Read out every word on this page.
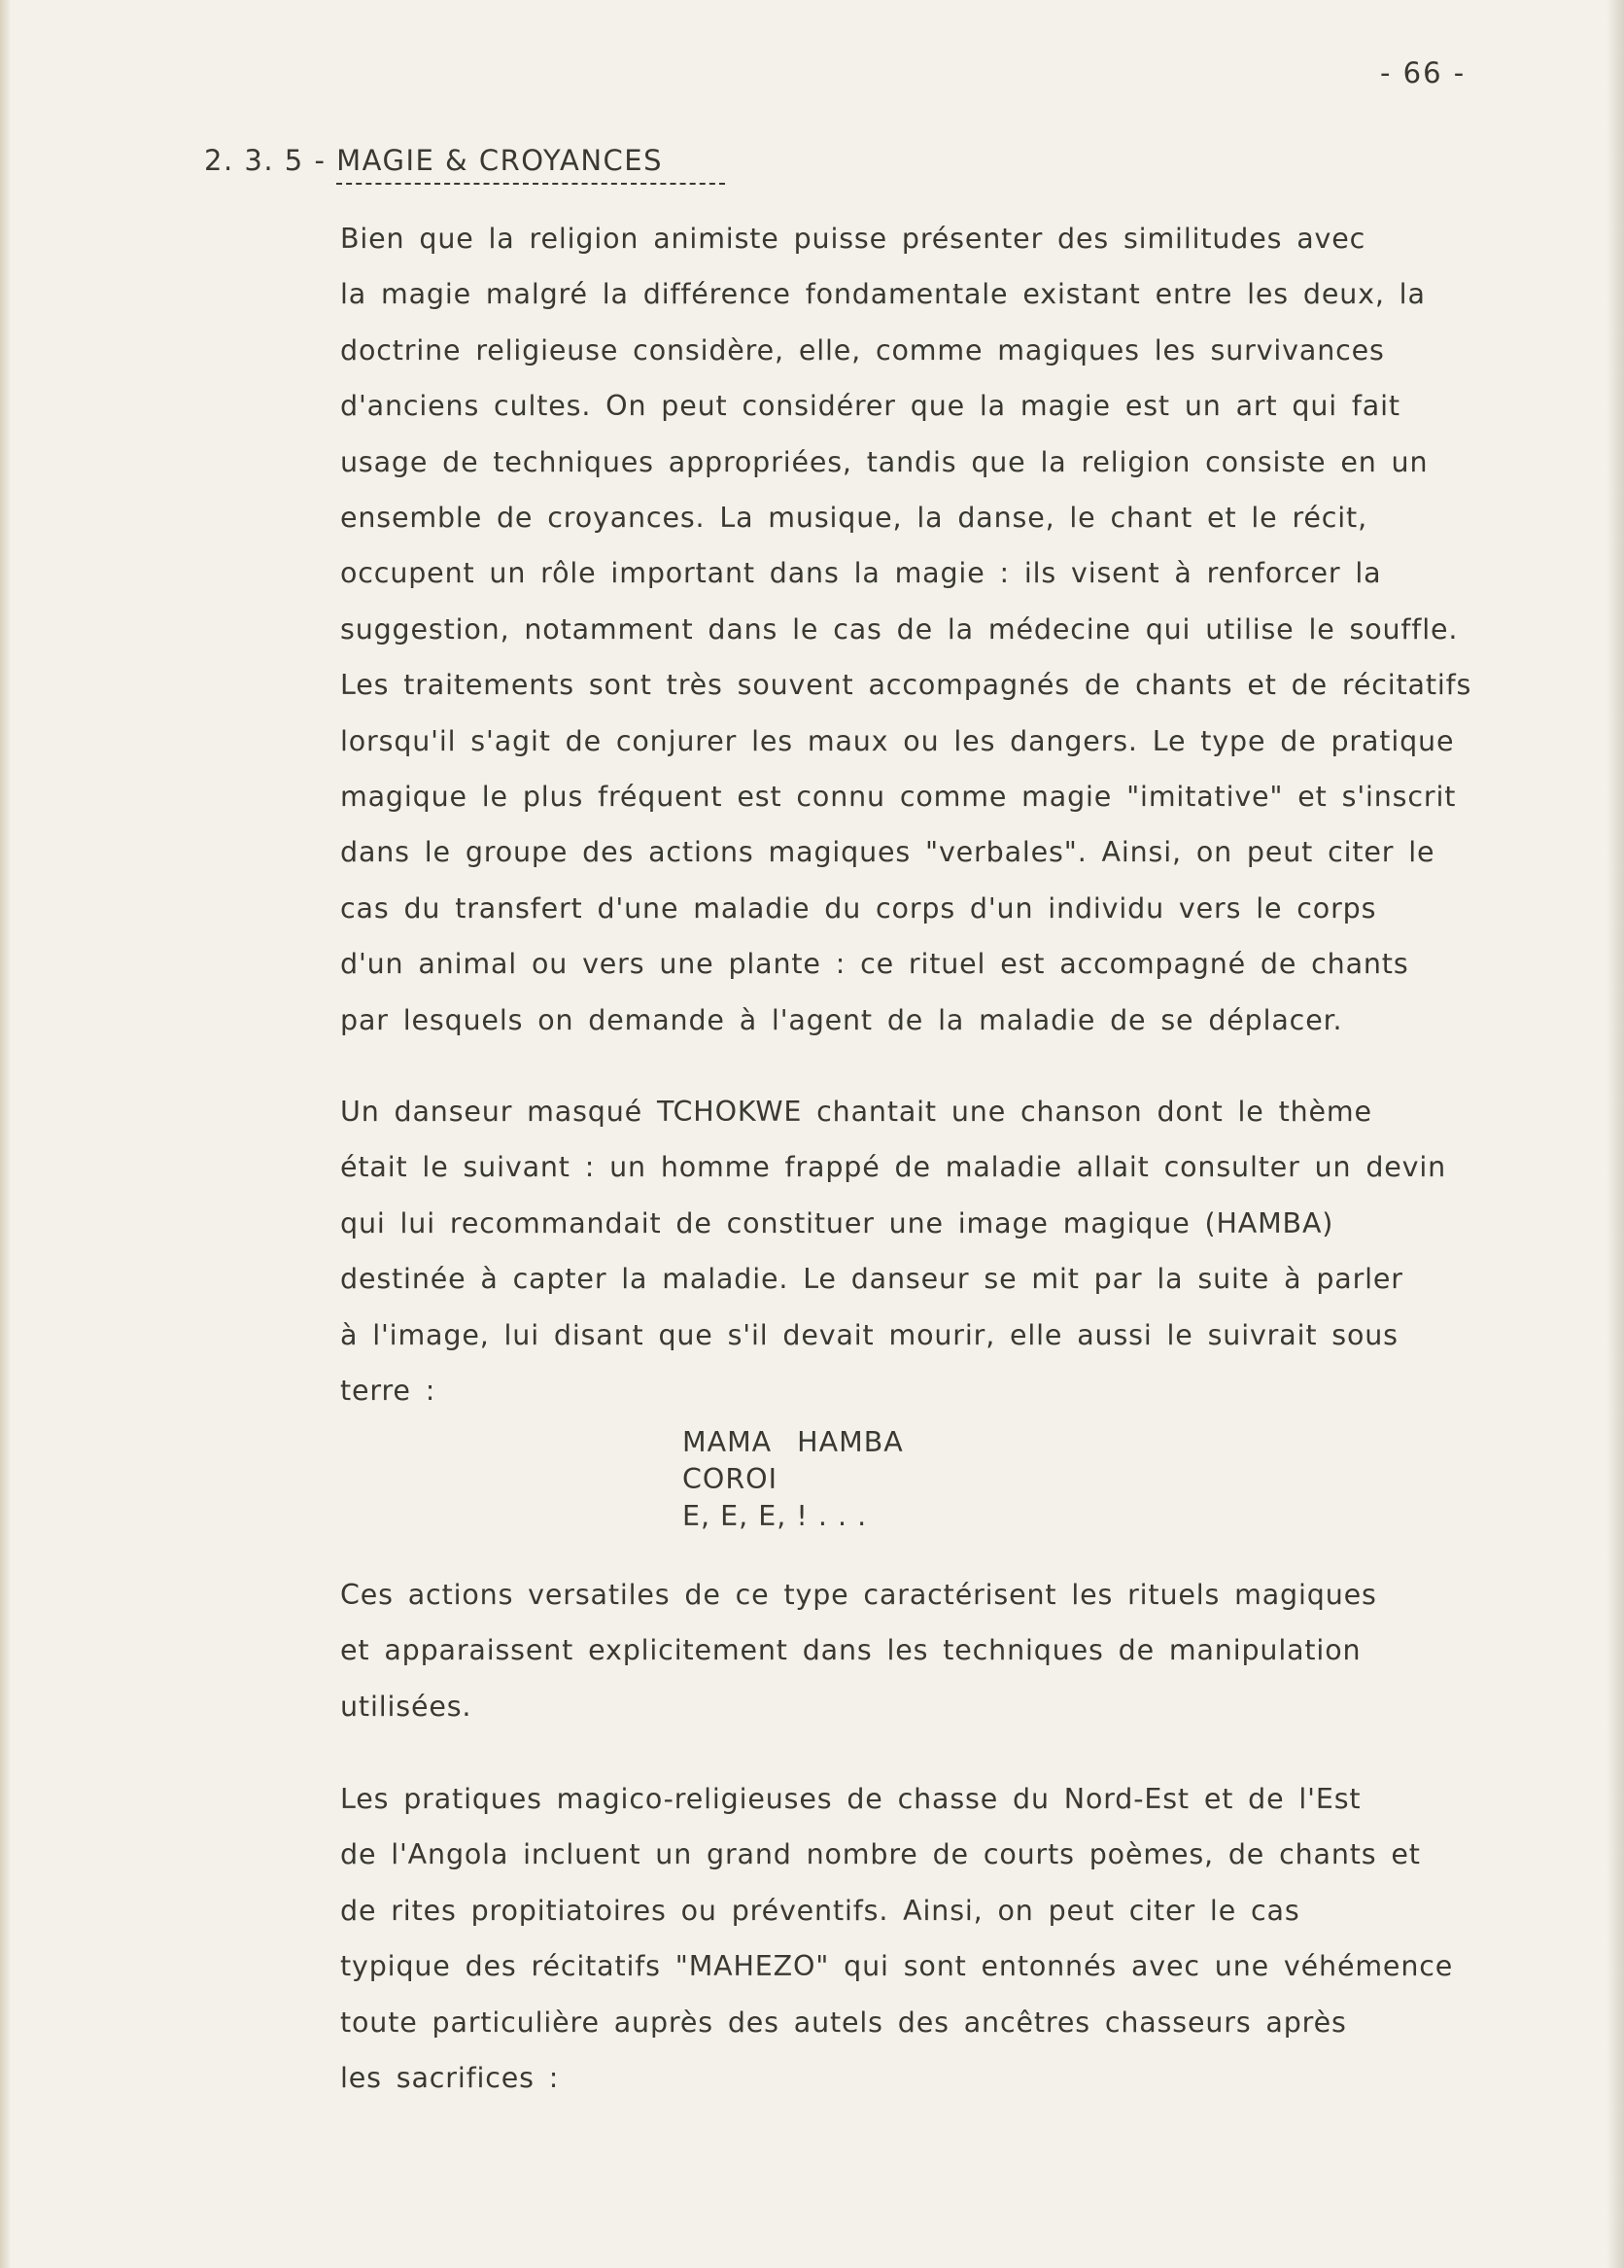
- 66 -
2. 3. 5 - MAGIE & CROYANCES

Bien que la religion animiste puisse présenter des similitudes avec
la magie malgré la différence fondamentale existant entre les deux, la
doctrine religieuse considère, elle, comme magiques les survivances
d'anciens cultes. On peut considérer que la magie est un art qui fait
usage de techniques appropriées, tandis que la religion consiste en un
ensemble de croyances. La musique, la danse, le chant et le récit,
occupent un rôle important dans la magie : ils visent à renforcer la
suggestion, notamment dans le cas de la médecine qui utilise le souffle.
Les traitements sont très souvent accompagnés de chants et de récitatifs
lorsqu'il s'agit de conjurer les maux ou les dangers. Le type de pratique
magique le plus fréquent est connu comme magie "imitative" et s'inscrit
dans le groupe des actions magiques "verbales". Ainsi, on peut citer le
cas du transfert d'une maladie du corps d'un individu vers le corps
d'un animal ou vers une plante : ce rituel est accompagné de chants
par lesquels on demande à l'agent de la maladie de se déplacer.

Un danseur masqué TCHOKWE chantait une chanson dont le thème
était le suivant : un homme frappé de maladie allait consulter un devin
qui lui recommandait de constituer une image magique (HAMBA)
destinée à capter la maladie. Le danseur se mit par la suite à parler
à l'image, lui disant que s'il devait mourir, elle aussi le suivrait sous
terre :

MAMA HAMBA
COROI
E, E, E, ! . . .

Ces actions versatiles de ce type caractérisent les rituels magiques
et apparaissent explicitement dans les techniques de manipulation
utilisées.

Les pratiques magico-religieuses de chasse du Nord-Est et de l'Est
de l'Angola incluent un grand nombre de courts poèmes, de chants et
de rites propitiatoires ou préventifs. Ainsi, on peut citer le cas
typique des récitatifs "MAHEZO" qui sont entonnés avec une véhémence
toute particulière auprès des autels des ancêtres chasseurs après
les sacrifices :
